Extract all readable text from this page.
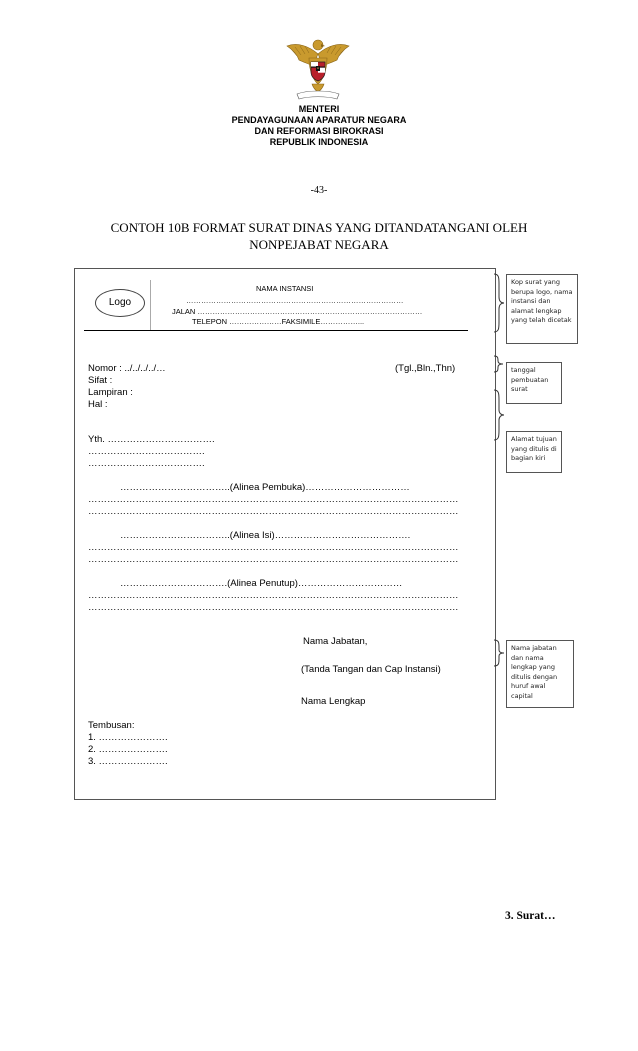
MENTERI
PENDAYAGUNAAN APARATUR NEGARA
DAN REFORMASI BIROKRASI
REPUBLIK INDONESIA
-43-
CONTOH 10B FORMAT SURAT DINAS YANG DITANDATANGANI OLEH
NONPEJABAT NEGARA
Logo
NAMA INSTANSI
……………………………………………………………………………
JALAN ………………………………………………………………………………
TELEPON …………………FAKSIMILE……………...
Nomor : ../../../../…	(Tgl.,Bln.,Thn)
Sifat :
Lampiran :
Hal :
Yth. …………………………….
……………………………….
……………………………….
……………………………..(Alinea Pembuka)……………………………
………………………………………………………………………………………………………
………………………………………………………………………………………………………
……………………………..(Alinea Isi)…………………………………….
………………………………………………………………………………………………………
………………………………………………………………………………………………………
…………………………….(Alinea Penutup)……………………………
………………………………………………………………………………………………………
………………………………………………………………………………………………………
Nama Jabatan,
(Tanda Tangan dan Cap Instansi)
Nama Lengkap
Tembusan:
1. ………………….
2. ………………….
3. ………………….
Kop surat yang berupa logo, nama instansi dan alamat lengkap yang telah dicetak
tanggal pembuatan surat
Alamat tujuan yang ditulis di bagian kiri
Nama jabatan dan nama lengkap yang ditulis dengan huruf awal capital
3. Surat…
